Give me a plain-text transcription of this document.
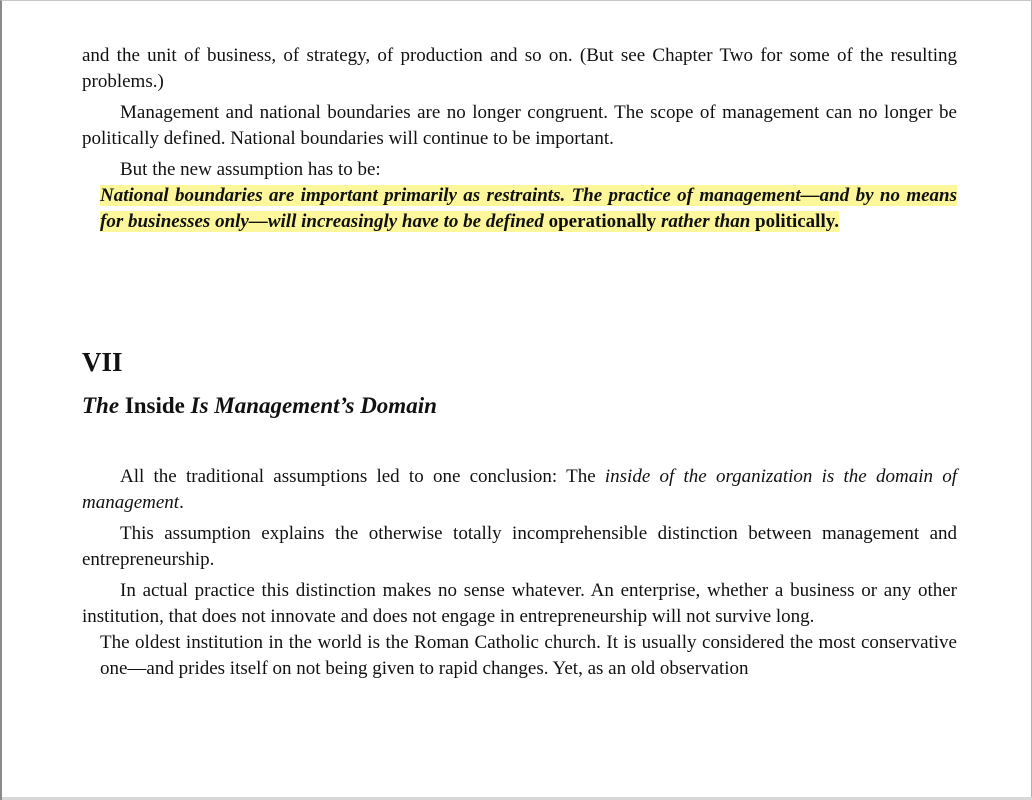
and the unit of business, of strategy, of production and so on. (But see Chapter Two for some of the resulting problems.)

Management and national boundaries are no longer congruent. The scope of management can no longer be politically defined. National boundaries will continue to be important.

But the new assumption has to be:

National boundaries are important primarily as restraints. The practice of management—and by no means for businesses only—will increasingly have to be defined operationally rather than politically.

VII
The Inside Is Management’s Domain

All the traditional assumptions led to one conclusion: The inside of the organization is the domain of management.

This assumption explains the otherwise totally incomprehensible distinction between management and entrepreneurship.

In actual practice this distinction makes no sense whatever. An enterprise, whether a business or any other institution, that does not innovate and does not engage in entrepreneurship will not survive long.

The oldest institution in the world is the Roman Catholic church. It is usually considered the most conservative one—and prides itself on not being given to rapid changes. Yet, as an old observation
